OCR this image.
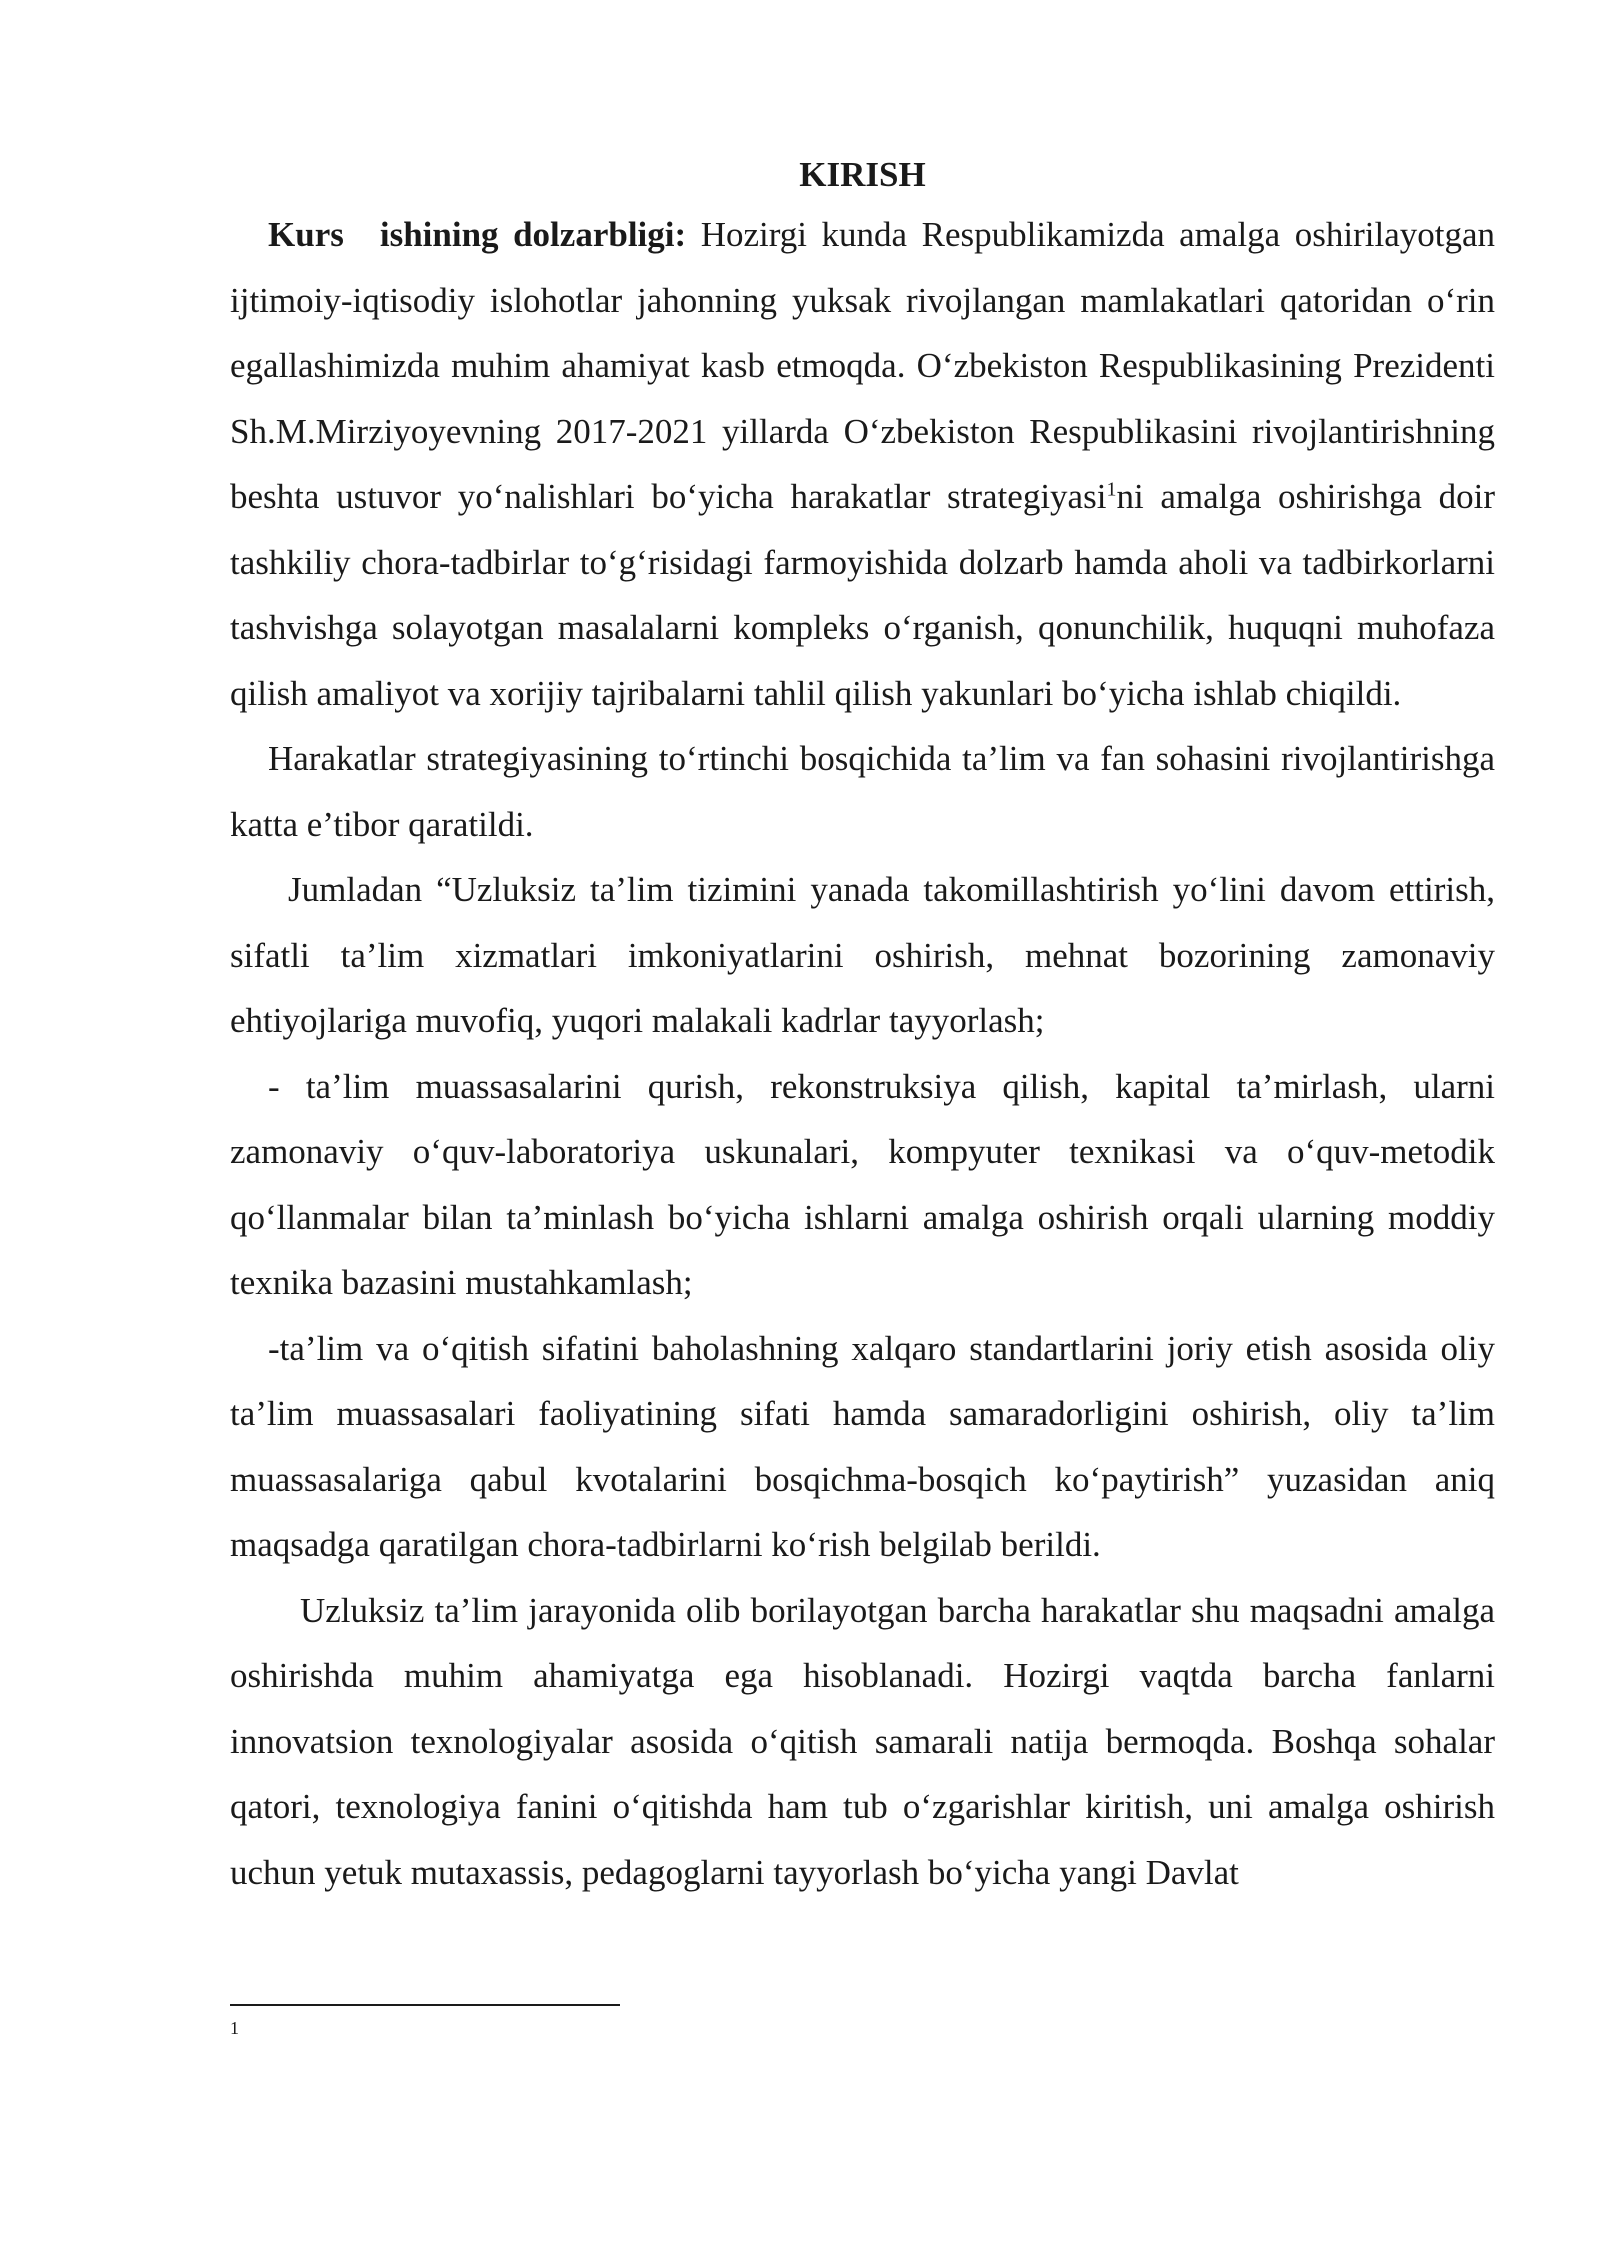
KIRISH

Kurs ishining dolzarbligi: Hozirgi kunda Respublikamizda amalga oshirilayotgan ijtimoiy-iqtisodiy islohotlar jahonning yuksak rivojlangan mamlakatlari qatoridan o‘rin egallashimizda muhim ahamiyat kasb etmoqda. O‘zbekiston Respublikasining Prezidenti Sh.M.Mirziyoyevning 2017-2021 yillarda O‘zbekiston Respublikasini rivojlantirishning beshta ustuvor yo‘nalishlari bo‘yicha harakatlar strategiyasi$^1$ni amalga oshirishga doir tashkiliy chora-tadbirlar to‘g‘risidagi farmoyishida dolzarb hamda aholi va tadbirkorlarni tashvishga solayotgan masalalarni kompleks o‘rganish, qonunchilik, huquqni muhofaza qilish amaliyot va xorijiy tajribalarni tahlil qilish yakunlari bo‘yicha ishlab chiqildi.

Harakatlar strategiyasining to‘rtinchi bosqichida ta’lim va fan sohasini rivojlantirishga katta e’tibor qaratildi.

Jumladan “Uzluksiz ta’lim tizimini yanada takomillashtirish yo‘lini davom ettirish, sifatli ta’lim xizmatlari imkoniyatlarini oshirish, mehnat bozorining zamonaviy ehtiyojlariga muvofiq, yuqori malakali kadrlar tayyorlash;

- ta’lim muassasalarini qurish, rekonstruksiya qilish, kapital ta’mirlash, ularni zamonaviy o‘quv-laboratoriya uskunalari, kompyuter texnikasi va o‘quv-metodik qo‘llanmalar bilan ta’minlash bo‘yicha ishlarni amalga oshirish orqali ularning moddiy texnika bazasini mustahkamlash;

-ta’lim va o‘qitish sifatini baholashning xalqaro standartlarini joriy etish asosida oliy ta’lim muassasalari faoliyatining sifati hamda samaradorligini oshirish, oliy ta’lim muassasalariga qabul kvotalarini bosqichma-bosqich ko‘paytirish” yuzasidan aniq maqsadga qaratilgan chora-tadbirlarni ko‘rish belgilab berildi.

Uzluksiz ta’lim jarayonida olib borilayotgan barcha harakatlar shu maqsadni amalga oshirishda muhim ahamiyatga ega hisoblanadi. Hozirgi vaqtda barcha fanlarni innovatsion texnologiyalar asosida o‘qitish samarali natija bermoqda. Boshqa sohalar qatori, texnologiya fanini o‘qitishda ham tub o‘zgarishlar kiritish, uni amalga oshirish uchun yetuk mutaxassis, pedagoglarni tayyorlash bo‘yicha yangi Davlat

1
